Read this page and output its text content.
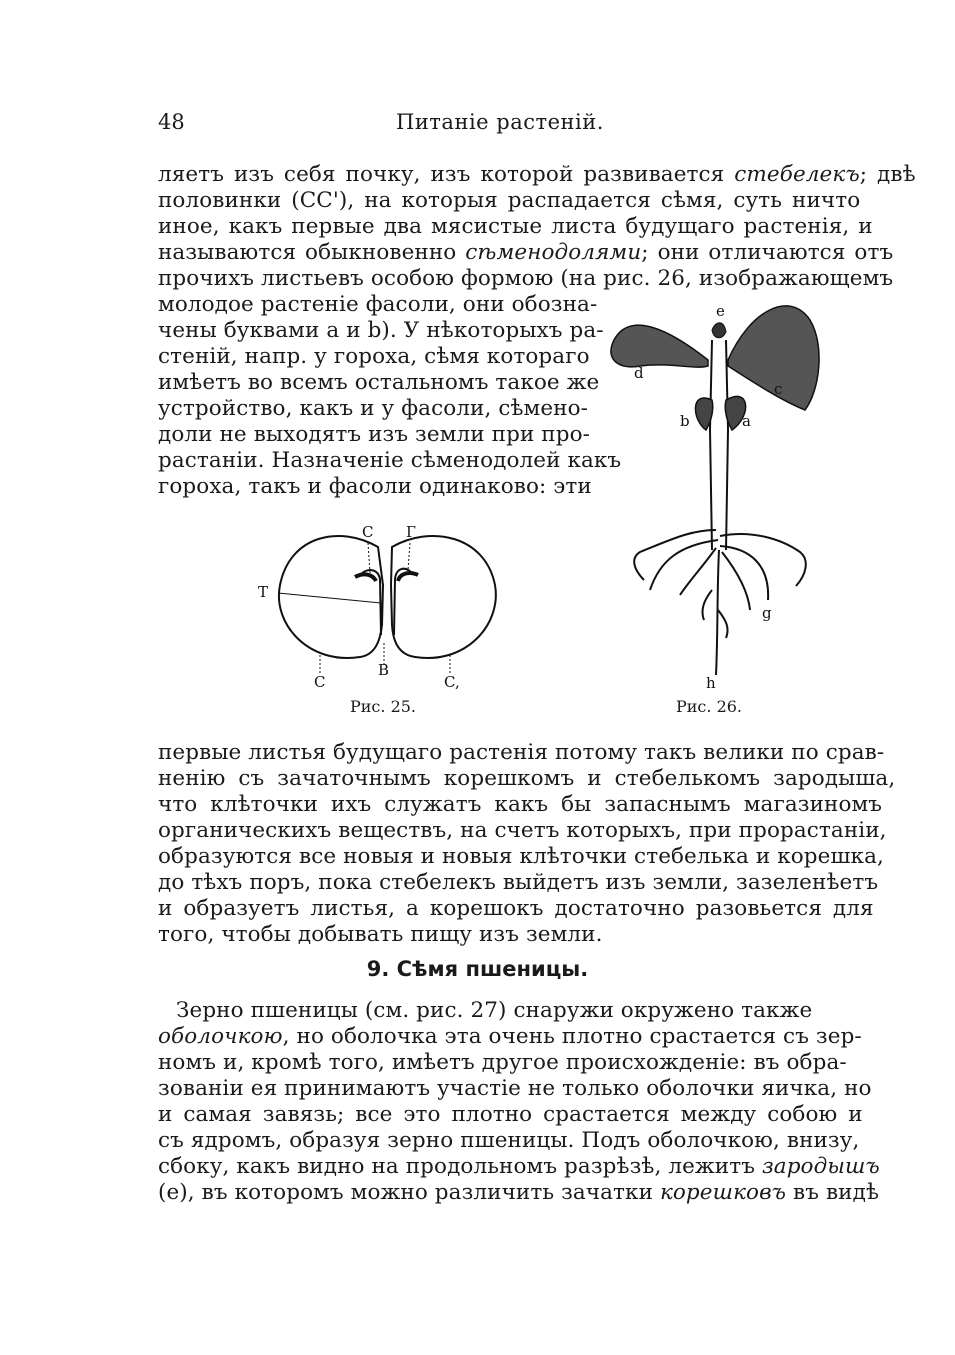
48	Питаніе растеній.
ляетъ изъ себя почку, изъ которой развивается стебелекъ; двѣ
половинки (CC'), на которыя распадается сѣмя, суть ничто
иное, какъ первые два мясистые листа будущаго растенія, и
называются обыкновенно сѣменодолями; они отличаются отъ
прочихъ листьевъ особою формою (на рис. 26, изображающемъ
молодое растеніе фасоли, они обозна-
чены буквами a и b). У нѣкоторыхъ ра-
стеній, напр. у гороха, сѣмя котораго
имѣетъ во всемъ остальномъ такое же
устройство, какъ и у фасоли, сѣмено-
доли не выходятъ изъ земли при про-
растаніи. Назначеніе сѣменодолей какъ
гороха, такъ и фасоли одинаково: эти
C Г
T
C
B
C,
Рис. 25.
d
e
c
b	a
g
h
Рис. 26.
первые листья будущаго растенія потому такъ велики по срав-
ненію съ зачаточнымъ корешкомъ и стебелькомъ зародыша,
что клѣточки ихъ служатъ какъ бы запаснымъ магазиномъ
органическихъ веществъ, на счетъ которыхъ, при прорастаніи,
образуются все новыя и новыя клѣточки стебелька и корешка,
до тѣхъ поръ, пока стебелекъ выйдетъ изъ земли, зазеленѣетъ
и образуетъ листья, а корешокъ достаточно разовьется для
того, чтобы добывать пищу изъ земли.
9. Сѣмя пшеницы.
Зерно пшеницы (см. рис. 27) снаружи окружено также
оболочкою, но оболочка эта очень плотно срастается съ зер-
номъ и, кромѣ того, имѣетъ другое происхожденіе: въ обра-
зованіи ея принимаютъ участіе не только оболочки яичка, но
и самая завязь; все это плотно срастается между собою и
съ ядромъ, образуя зерно пшеницы. Подъ оболочкою, внизу,
сбоку, какъ видно на продольномъ разрѣзѣ, лежитъ зародышъ
(е), въ которомъ можно различить зачатки корешковъ въ видѣ
